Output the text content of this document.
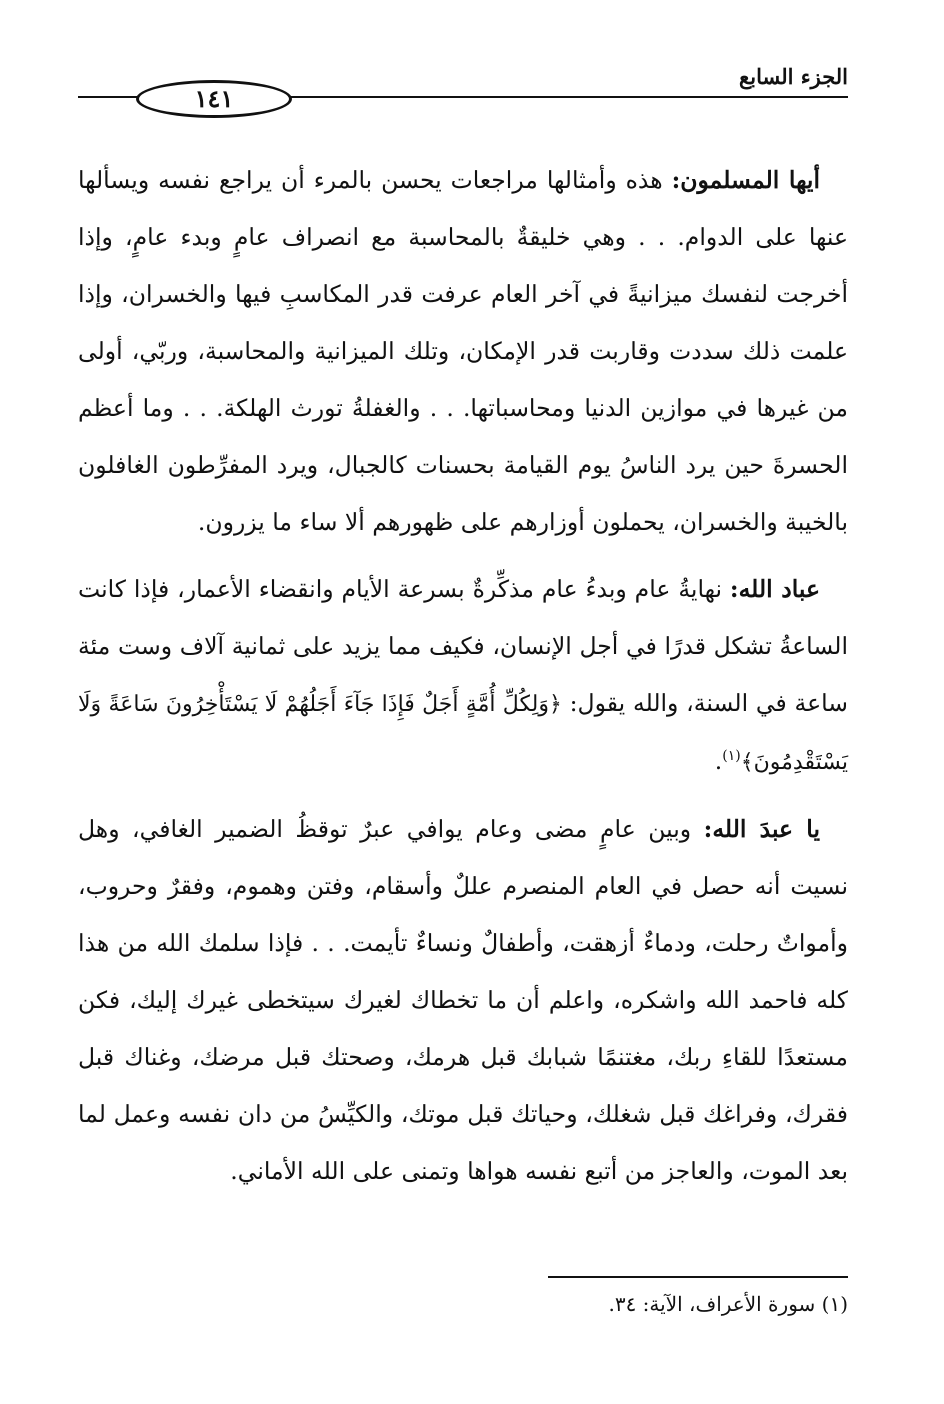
١٤١
الجزء السابع

أيها المسلمون: هذه وأمثالها مراجعات يحسن بالمرء أن يراجع نفسه ويسألها عنها على الدوام. . . وهي خليقةٌ بالمحاسبة مع انصراف عامٍ وبدء عامٍ، وإذا أخرجت لنفسك ميزانيةً في آخر العام عرفت قدر المكاسبِ فيها والخسران، وإذا علمت ذلك سددت وقاربت قدر الإمكان، وتلك الميزانية والمحاسبة، وربّي، أولى من غيرها في موازين الدنيا ومحاسباتها. . . والغفلةُ تورث الهلكة. . . وما أعظم الحسرةَ حين يرد الناسُ يوم القيامة بحسنات كالجبال، ويرد المفرِّطون الغافلون بالخيبة والخسران، يحملون أوزارهم على ظهورهم ألا ساء ما يزرون.

عباد الله: نهايةُ عام وبدءُ عام مذكِّرةٌ بسرعة الأيام وانقضاء الأعمار، فإذا كانت الساعةُ تشكل قدرًا في أجل الإنسان، فكيف مما يزيد على ثمانية آلاف وست مئة ساعة في السنة، والله يقول: ﴿وَلِكُلِّ أُمَّةٍ أَجَلٌ فَإِذَا جَآءَ أَجَلُهُمْ لَا يَسْتَأْخِرُونَ سَاعَةً وَلَا يَسْتَقْدِمُونَ﴾$^{(١)}$.

يا عبدَ الله: وبين عامٍ مضى وعام يوافي عبرٌ توقظُ الضمير الغافي، وهل نسيت أنه حصل في العام المنصرم عللٌ وأسقام، وفتن وهموم، وفقرٌ وحروب، وأمواتٌ رحلت، ودماءٌ أزهقت، وأطفالٌ ونساءٌ تأيمت. . . فإذا سلمك الله من هذا كله فاحمد الله واشكره، واعلم أن ما تخطاك لغيرك سيتخطى غيرك إليك، فكن مستعدًا للقاءِ ربك، مغتنمًا شبابك قبل هرمك، وصحتك قبل مرضك، وغناك قبل فقرك، وفراغك قبل شغلك، وحياتك قبل موتك، والكيِّسُ من دان نفسه وعمل لما بعد الموت، والعاجز من أتبع نفسه هواها وتمنى على الله الأماني.

(١) سورة الأعراف، الآية: ٣٤.
